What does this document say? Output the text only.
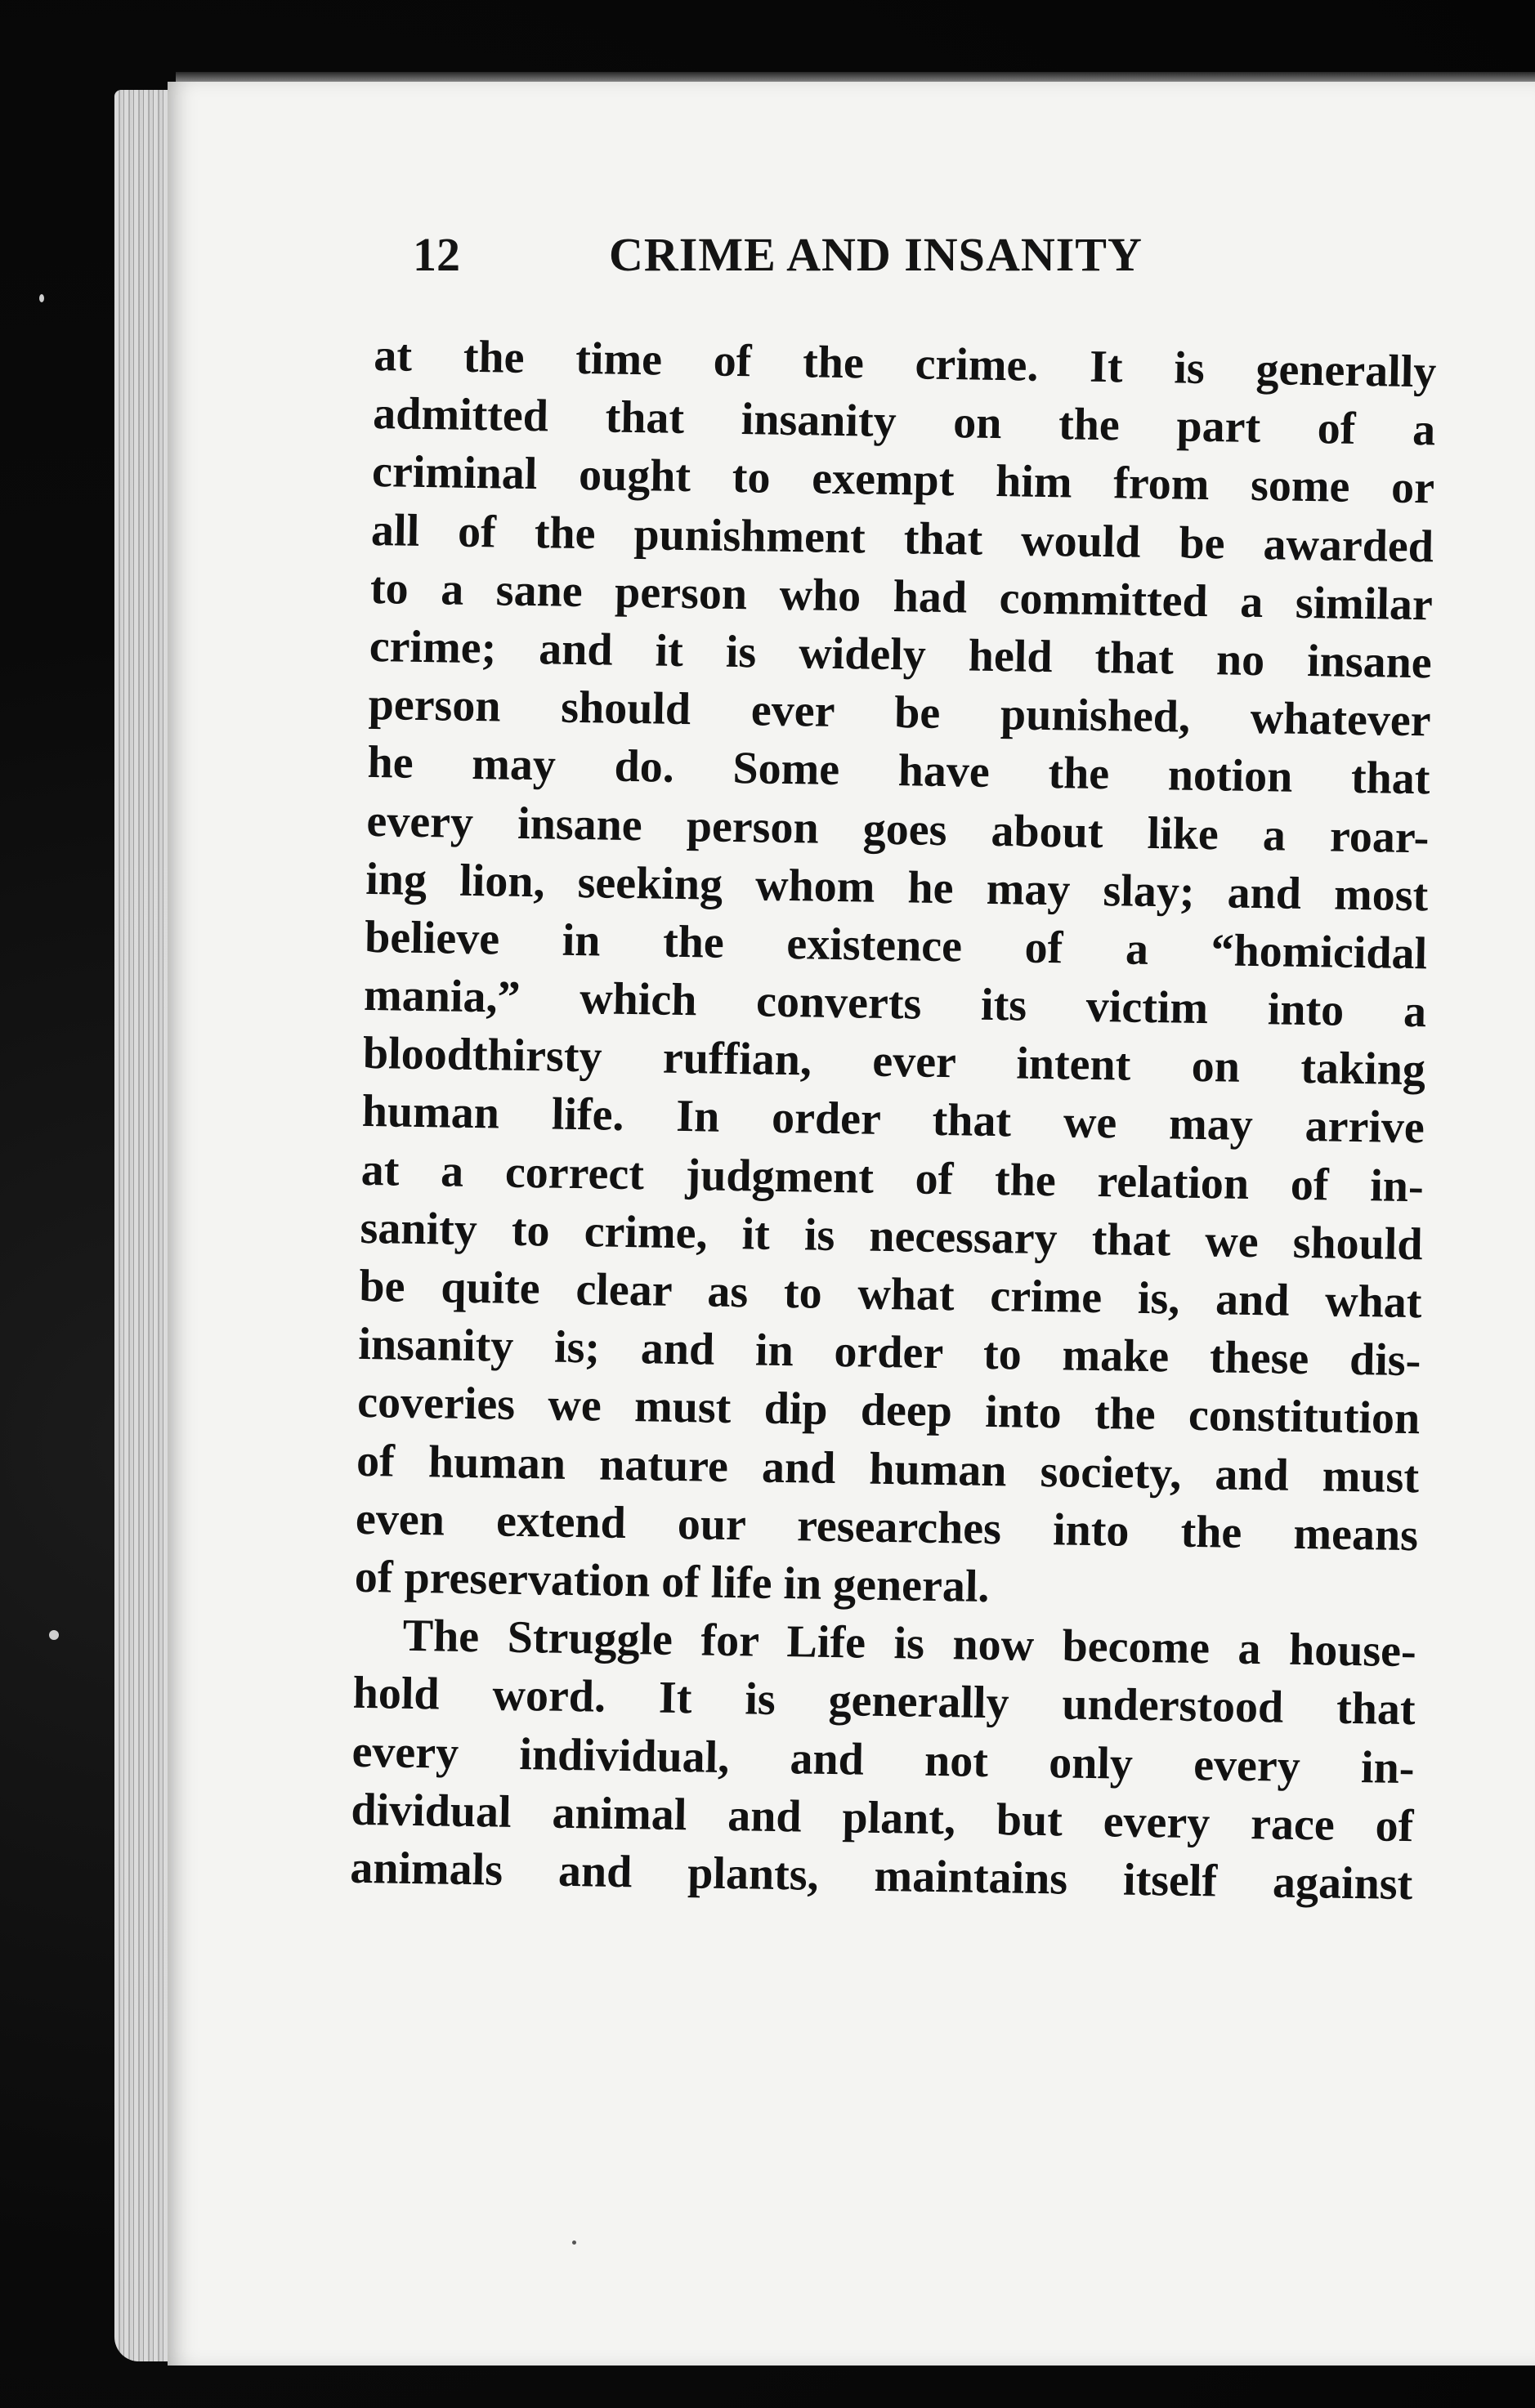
12	CRIME AND INSANITY
at the time of the crime. It is generally
admitted that insanity on the part of a
criminal ought to exempt him from some or
all of the punishment that would be awarded
to a sane person who had committed a similar
crime; and it is widely held that no insane
person should ever be punished, whatever
he may do. Some have the notion that
every insane person goes about like a roar-
ing lion, seeking whom he may slay; and most
believe in the existence of a “homicidal
mania,” which converts its victim into a
bloodthirsty ruffian, ever intent on taking
human life. In order that we may arrive
at a correct judgment of the relation of in-
sanity to crime, it is necessary that we should
be quite clear as to what crime is, and what
insanity is; and in order to make these dis-
coveries we must dip deep into the constitution
of human nature and human society, and must
even extend our researches into the means
of preservation of life in general.
The Struggle for Life is now become a house-
hold word. It is generally understood that
every individual, and not only every in-
dividual animal and plant, but every race of
animals and plants, maintains itself against
